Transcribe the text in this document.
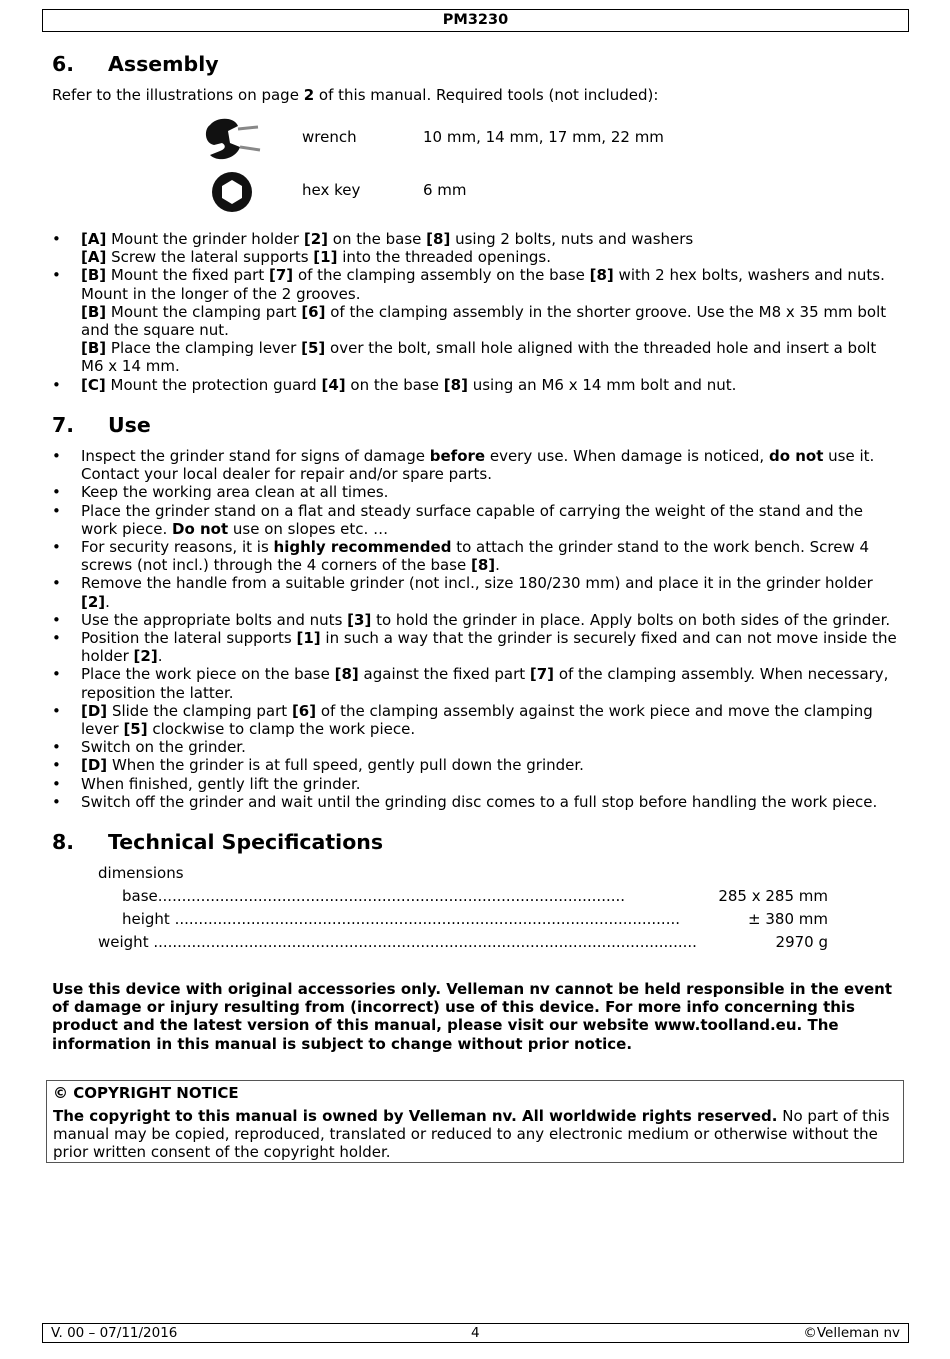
PM3230
6. Assembly

Refer to the illustrations on page 2 of this manual. Required tools (not included):

wrench	10 mm, 14 mm, 17 mm, 22 mm
hex key	6 mm
• [A] Mount the grinder holder [2] on the base [8] using 2 bolts, nuts and washers
[A] Screw the lateral supports [1] into the threaded openings.
• [B] Mount the fixed part [7] of the clamping assembly on the base [8] with 2 hex bolts, washers and nuts. Mount in the longer of the 2 grooves.
[B] Mount the clamping part [6] of the clamping assembly in the shorter groove. Use the M8 x 35 mm bolt and the square nut.
[B] Place the clamping lever [5] over the bolt, small hole aligned with the threaded hole and insert a bolt M6 x 14 mm.
• [C] Mount the protection guard [4] on the base [8] using an M6 x 14 mm bolt and nut.
7. Use
• Inspect the grinder stand for signs of damage before every use. When damage is noticed, do not use it. Contact your local dealer for repair and/or spare parts.
• Keep the working area clean at all times.
• Place the grinder stand on a flat and steady surface capable of carrying the weight of the stand and the work piece. Do not use on slopes etc. …
• For security reasons, it is highly recommended to attach the grinder stand to the work bench. Screw 4 screws (not incl.) through the 4 corners of the base [8].
• Remove the handle from a suitable grinder (not incl., size 180/230 mm) and place it in the grinder holder [2].
• Use the appropriate bolts and nuts [3] to hold the grinder in place. Apply bolts on both sides of the grinder.
• Position the lateral supports [1] in such a way that the grinder is securely fixed and can not move inside the holder [2].
• Place the work piece on the base [8] against the fixed part [7] of the clamping assembly. When necessary, reposition the latter.
• [D] Slide the clamping part [6] of the clamping assembly against the work piece and move the clamping lever [5] clockwise to clamp the work piece.
• Switch on the grinder.
• [D] When the grinder is at full speed, gently pull down the grinder.
• When finished, gently lift the grinder.
• Switch off the grinder and wait until the grinding disc comes to a full stop before handling the work piece.
8. Technical Specifications
dimensions
base..................................................................................................	285 x 285 mm
height ..........................................................................................................	± 380 mm
weight ..................................................................................................................	2970 g

Use this device with original accessories only. Velleman nv cannot be held responsible in the event of damage or injury resulting from (incorrect) use of this device. For more info concerning this product and the latest version of this manual, please visit our website www.toolland.eu. The information in this manual is subject to change without prior notice.

© COPYRIGHT NOTICE

The copyright to this manual is owned by Velleman nv. All worldwide rights reserved. No part of this manual may be copied, reproduced, translated or reduced to any electronic medium or otherwise without the prior written consent of the copyright holder.

V. 00 – 07/11/2016	4	©Velleman nv
